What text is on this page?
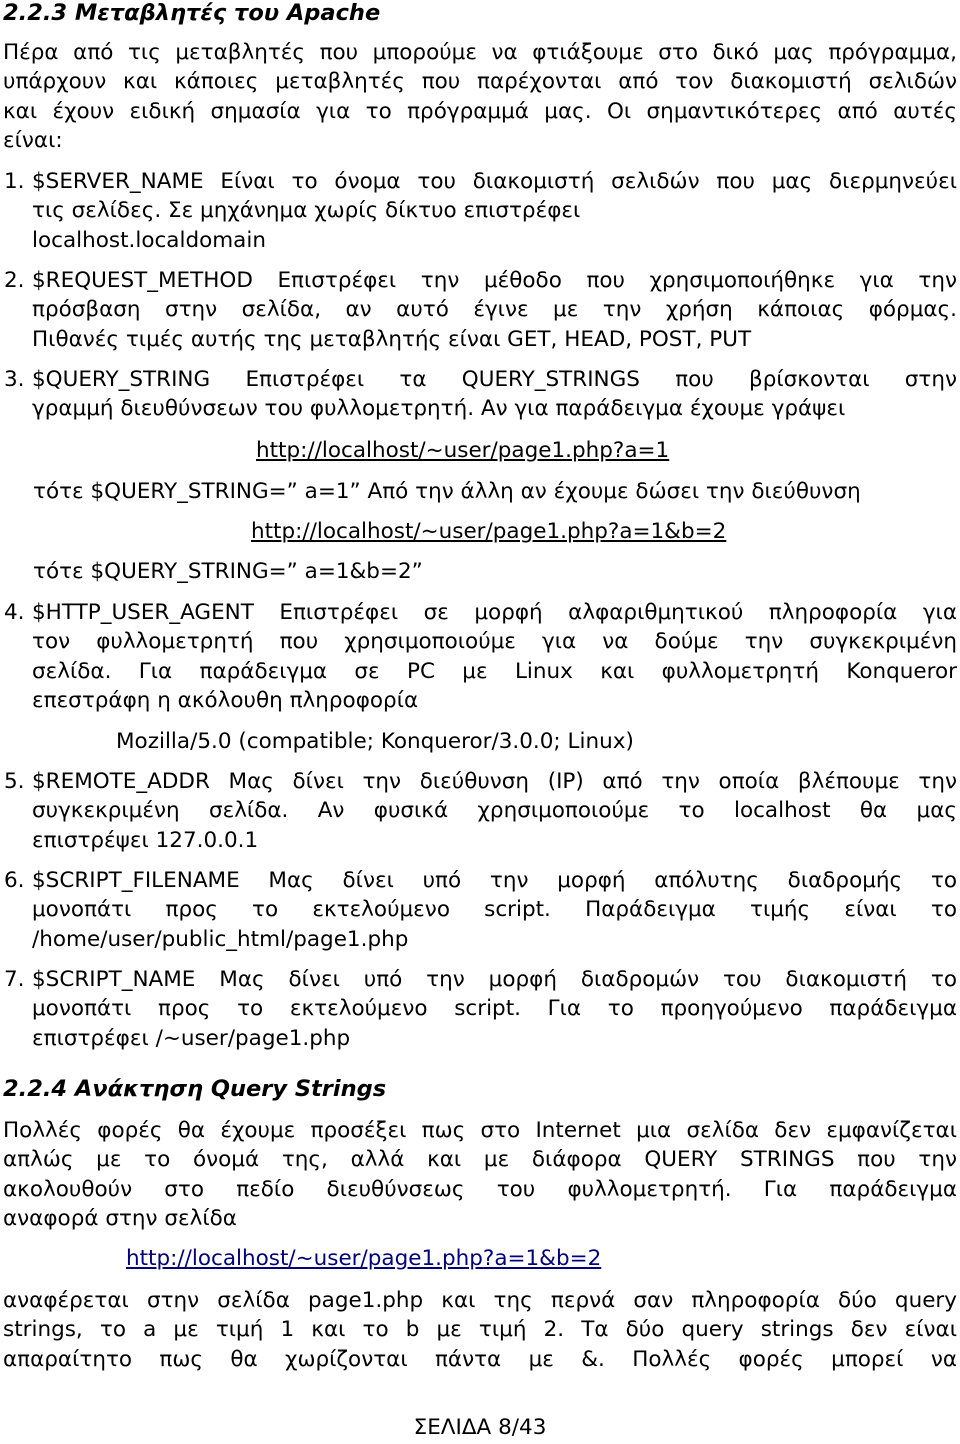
2.2.3 Μεταβλητές του Apache
Πέρα από τις μεταβλητές που μπορούμε να φτιάξουμε στο δικό μας πρόγραμμα,
υπάρχουν και κάποιες μεταβλητές που παρέχονται από τον διακομιστή σελιδών
και έχουν ειδική σημασία για το πρόγραμμά μας. Οι σημαντικότερες από αυτές
είναι:
1. $SERVER_NAME Είναι το όνομα του διακομιστή σελιδών που μας διερμηνεύει
τις σελίδες. Σε μηχάνημα χωρίς δίκτυο επιστρέφει
localhost.localdomain
2. $REQUEST_METHOD Επιστρέφει την μέθοδο που χρησιμοποιήθηκε για την
πρόσβαση στην σελίδα, αν αυτό έγινε με την χρήση κάποιας φόρμας.
Πιθανές τιμές αυτής της μεταβλητής είναι GET, HEAD, POST, PUT
3. $QUERY_STRING Επιστρέφει τα QUERY_STRINGS που βρίσκονται στην
γραμμή διευθύνσεων του φυλλομετρητή. Αν για παράδειγμα έχουμε γράψει
http://localhost/~user/page1.php?a=1
τότε $QUERY_STRING=” a=1” Από την άλλη αν έχουμε δώσει την διεύθυνση
http://localhost/~user/page1.php?a=1&b=2
τότε $QUERY_STRING=” a=1&b=2”
4. $HTTP_USER_AGENT Επιστρέφει σε μορφή αλφαριθμητικού πληροφορία για
τον φυλλομετρητή που χρησιμοποιούμε για να δούμε την συγκεκριμένη
σελίδα. Για παράδειγμα σε PC με Linux και φυλλομετρητή Konqueror
επεστράφη η ακόλουθη πληροφορία
Mozilla/5.0 (compatible; Konqueror/3.0.0; Linux)
5. $REMOTE_ADDR Μας δίνει την διεύθυνση (IP) από την οποία βλέπουμε την
συγκεκριμένη σελίδα. Αν φυσικά χρησιμοποιούμε το localhost θα μας
επιστρέψει 127.0.0.1
6. $SCRIPT_FILENAME Μας δίνει υπό την μορφή απόλυτης διαδρομής το
μονοπάτι προς το εκτελούμενο script. Παράδειγμα τιμής είναι το
/home/user/public_html/page1.php
7. $SCRIPT_NAME Μας δίνει υπό την μορφή διαδρομών του διακομιστή το
μονοπάτι προς το εκτελούμενο script. Για το προηγούμενο παράδειγμα
επιστρέφει /~user/page1.php
2.2.4 Ανάκτηση Query Strings
Πολλές φορές θα έχουμε προσέξει πως στο Internet μια σελίδα δεν εμφανίζεται
απλώς με το όνομά της, αλλά και με διάφορα QUERY STRINGS που την
ακολουθούν στο πεδίο διευθύνσεως του φυλλομετρητή. Για παράδειγμα
αναφορά στην σελίδα
http://localhost/~user/page1.php?a=1&b=2
αναφέρεται στην σελίδα page1.php και της περνά σαν πληροφορία δύο query
strings, το a με τιμή 1 και το b με τιμή 2. Τα δύο query strings δεν είναι
απαραίτητο πως θα χωρίζονται πάντα με &. Πολλές φορές μπορεί να
ΣΕΛΙΔΑ 8/43
